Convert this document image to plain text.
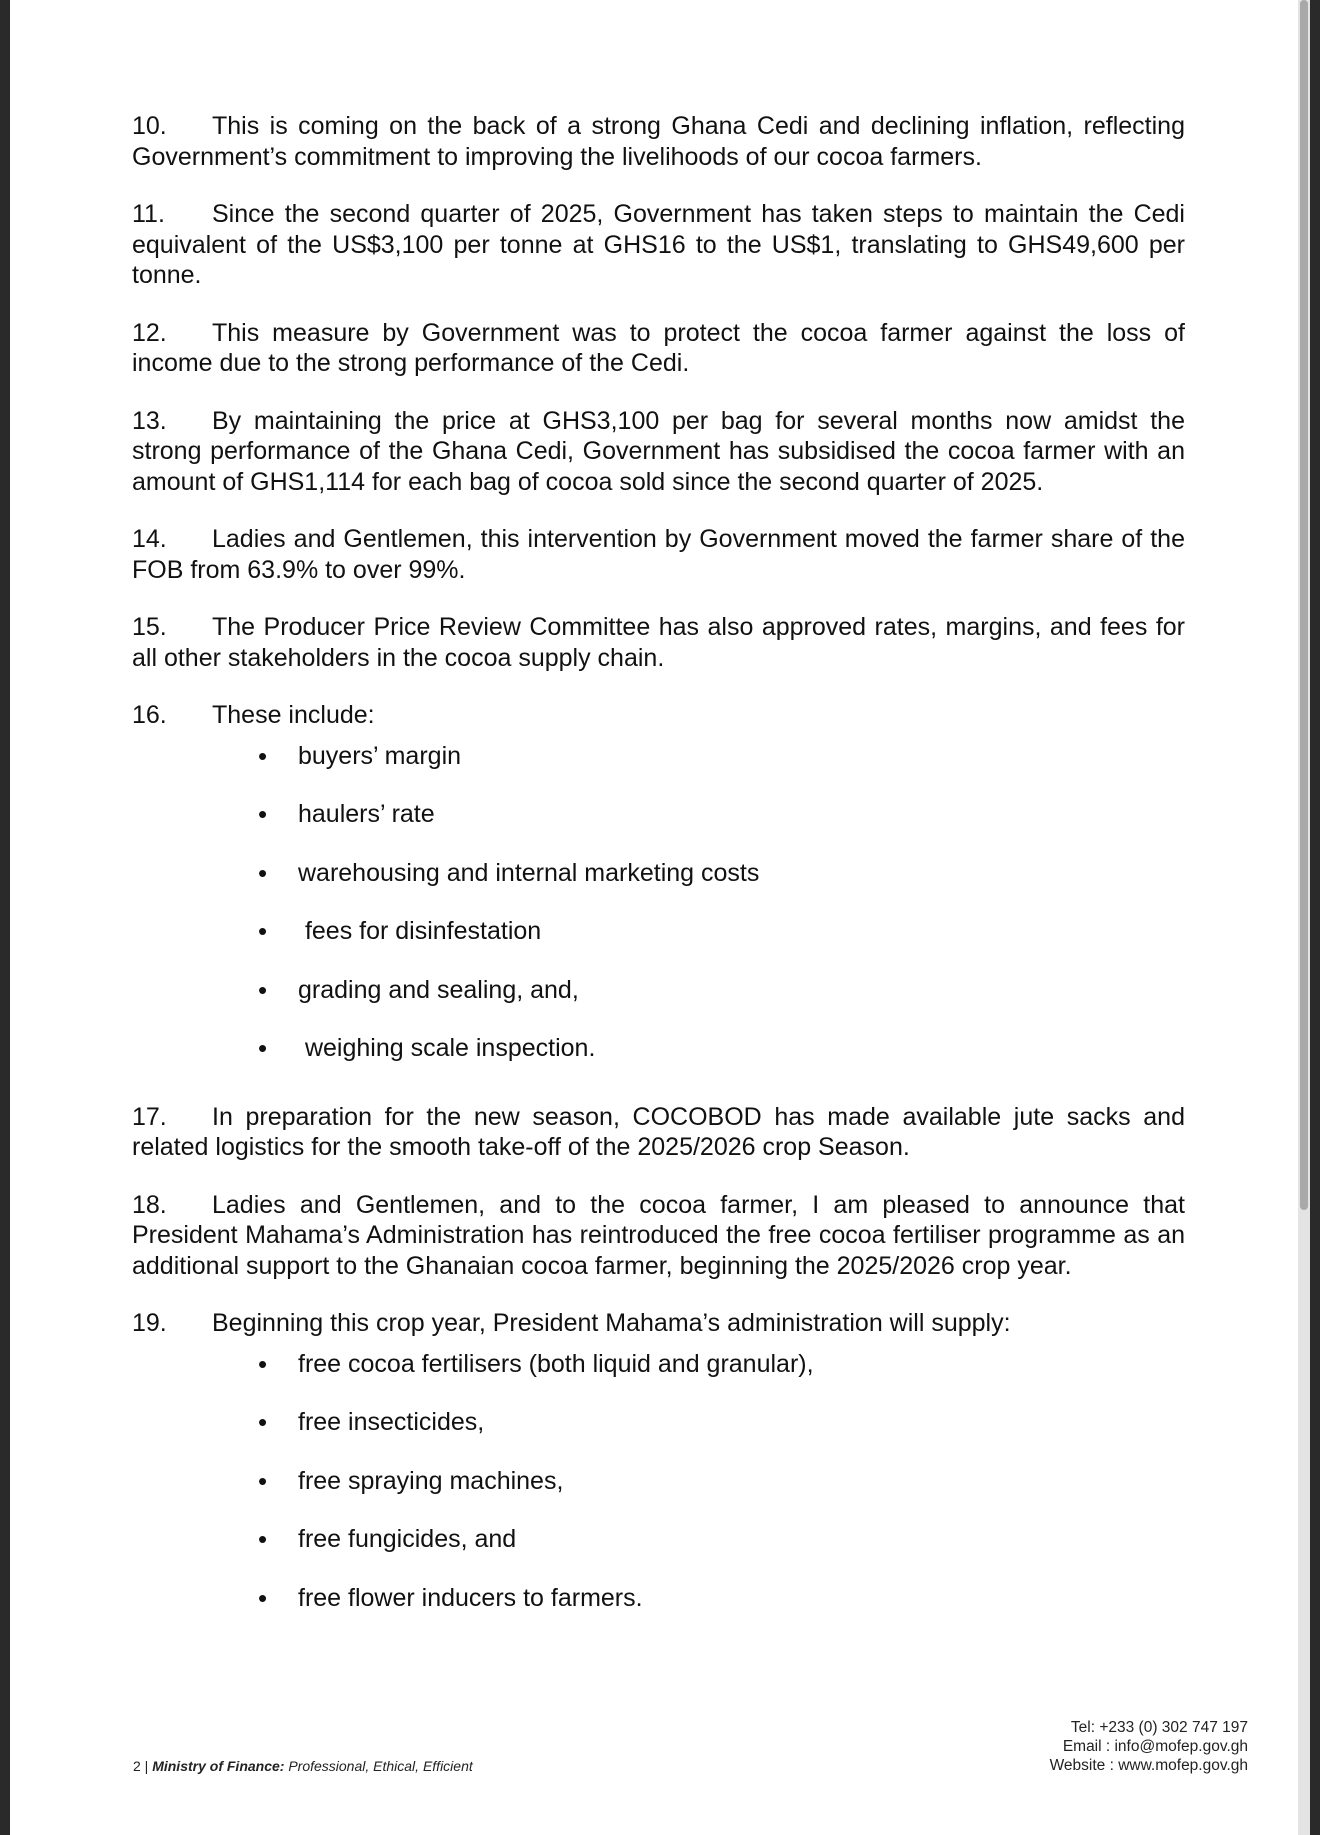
10. This is coming on the back of a strong Ghana Cedi and declining inflation, reflecting Government’s commitment to improving the livelihoods of our cocoa farmers.

11. Since the second quarter of 2025, Government has taken steps to maintain the Cedi equivalent of the US$3,100 per tonne at GHS16 to the US$1, translating to GHS49,600 per tonne.

12. This measure by Government was to protect the cocoa farmer against the loss of income due to the strong performance of the Cedi.

13. By maintaining the price at GHS3,100 per bag for several months now amidst the strong performance of the Ghana Cedi, Government has subsidised the cocoa farmer with an amount of GHS1,114 for each bag of cocoa sold since the second quarter of 2025.

14. Ladies and Gentlemen, this intervention by Government moved the farmer share of the FOB from 63.9% to over 99%.

15. The Producer Price Review Committee has also approved rates, margins, and fees for all other stakeholders in the cocoa supply chain.

16. These include:

• buyers’ margin
• haulers’ rate
• warehousing and internal marketing costs
•  fees for disinfestation
• grading and sealing, and,
•  weighing scale inspection.

17. In preparation for the new season, COCOBOD has made available jute sacks and related logistics for the smooth take-off of the 2025/2026 crop Season.

18. Ladies and Gentlemen, and to the cocoa farmer, I am pleased to announce that President Mahama’s Administration has reintroduced the free cocoa fertiliser programme as an additional support to the Ghanaian cocoa farmer, beginning the 2025/2026 crop year.

19. Beginning this crop year, President Mahama’s administration will supply:

• free cocoa fertilisers (both liquid and granular),
• free insecticides,
• free spraying machines,
• free fungicides, and
• free flower inducers to farmers.
2 | Ministry of Finance: Professional, Ethical, Efficient
Tel: +233 (0) 302 747 197
Email : info@mofep.gov.gh
Website : www.mofep.gov.gh
